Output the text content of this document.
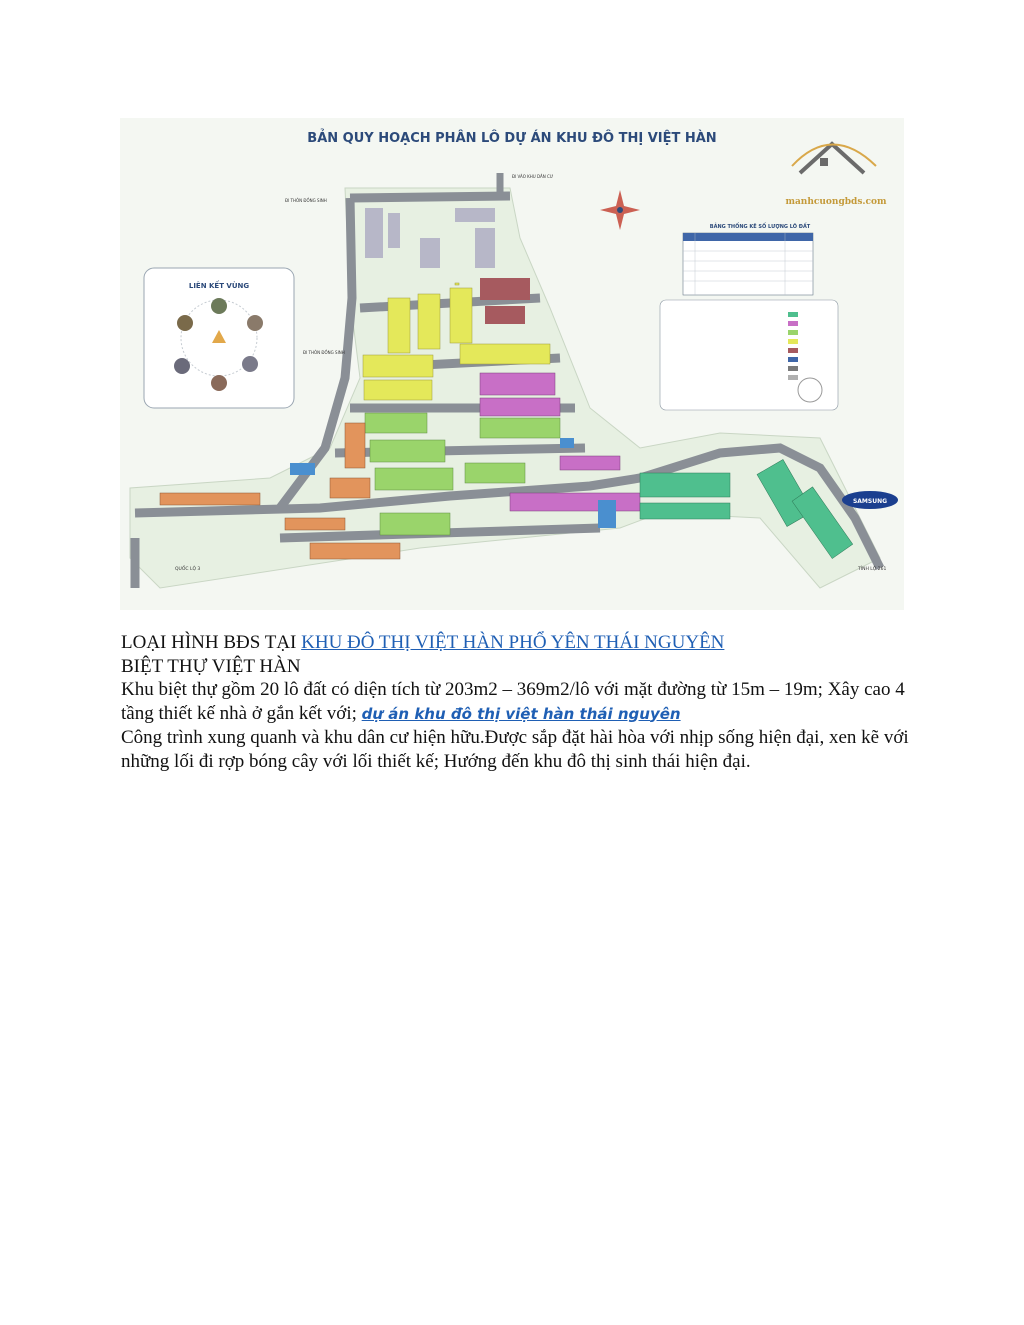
LIÊN KẾT VÙNG
BẢNG THỐNG KÊ SỐ LƯỢNG LÔ ĐẤT
BẢN QUY HOẠCH PHÂN LÔ DỰ ÁN KHU ĐÔ THỊ VIỆT HÀN
manhcuongbds.com
SAMSUNG
QUỐC LỘ 3	TỈNH LỘ 261
ĐI THÔN ĐỒNG SINH
ĐI THÔN ĐỒNG SINH
ĐI VÀO KHU DÂN CƯ

LOẠI HÌNH BĐS TẠI KHU ĐÔ THỊ VIỆT HÀN PHỔ YÊN THÁI NGUYÊN

BIỆT THỰ VIỆT HÀN

Khu biệt thự gồm 20 lô đất có diện tích từ 203m2 – 369m2/lô với mặt đường từ 15m – 19m; Xây cao 4 tầng thiết kế nhà ở gắn kết với; dự án khu đô thị việt hàn thái nguyên

Công trình xung quanh và khu dân cư hiện hữu.Được sắp đặt hài hòa với nhịp sống hiện đại, xen kẽ với những lối đi rợp bóng cây với lối thiết kế; Hướng đến khu đô thị sinh thái hiện đại.
